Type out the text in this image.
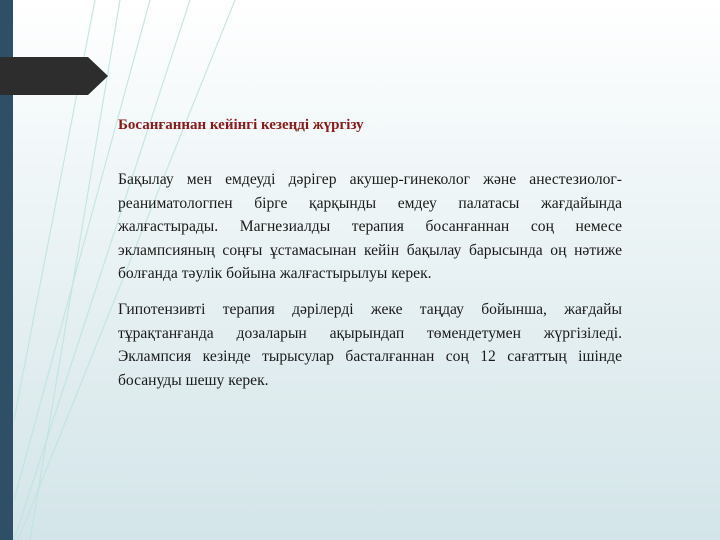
Босанғаннан кейінгі кезеңді жүргізу

Бақылау мен емдеуді дәрігер акушер-гинеколог және анестезиолог-реаниматологпен бірге қарқынды емдеу палатасы жағдайында жалғастырады. Магнезиалды терапия босанғаннан соң немесе эклампсияның соңғы ұстамасынан кейін бақылау барысында оң нәтиже болғанда тәулік бойына жалғастырылуы керек.

Гипотензивті терапия дәрілерді жеке таңдау бойынша, жағдайы тұрақтанғанда дозаларын ақырындап төмендетумен жүргізіледі. Эклампсия кезінде тырысулар басталғаннан соң 12 сағаттың ішінде босануды шешу керек.
